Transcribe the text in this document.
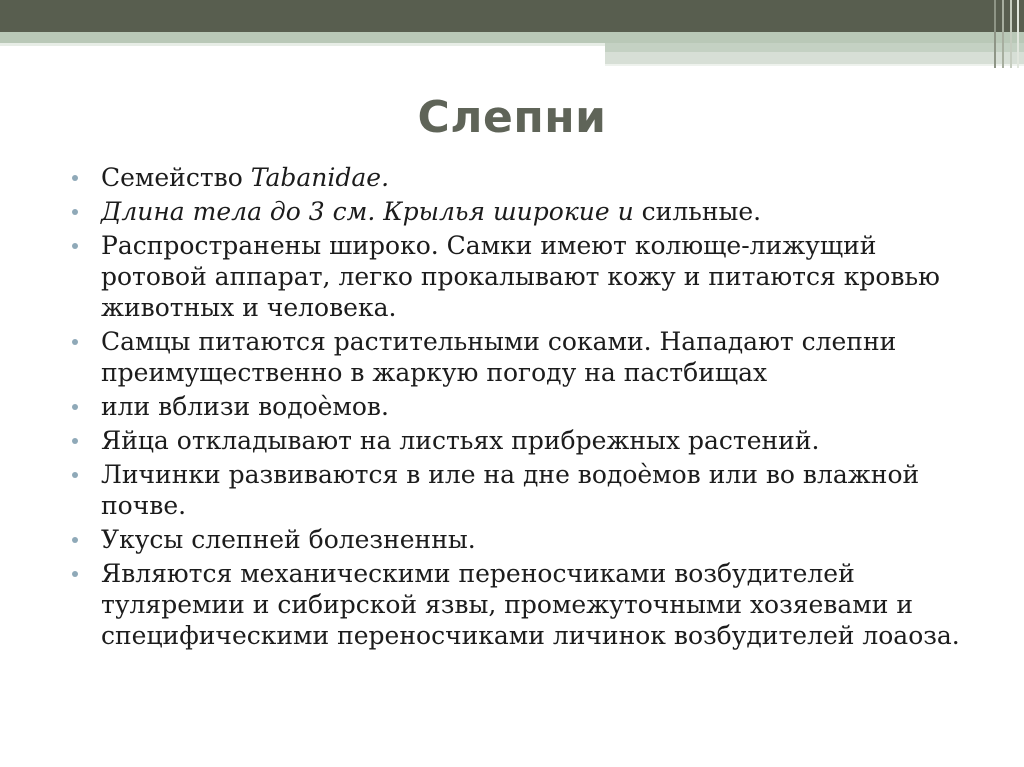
Слепни
Семейство Tabanidae.
Длина тела до 3 см. Крылья широкие и сильные.
Распространены широко. Самки имеют колюще-лижущий ротовой аппарат, легко прокалывают кожу и питаются кровью животных и человека.
Самцы питаются растительными соками. Нападают слепни преимущественно в жаркую погоду на пастбищах
или вблизи водоѐмов.
Яйца откладывают на листьях прибрежных растений.
Личинки развиваются в иле на дне водоѐмов или во влажной почве.
Укусы слепней болезненны.
Являются механическими переносчиками возбудителей туляремии и сибирской язвы, промежуточными хозяевами и специфическими переносчиками личинок возбудителей лоаоза.
